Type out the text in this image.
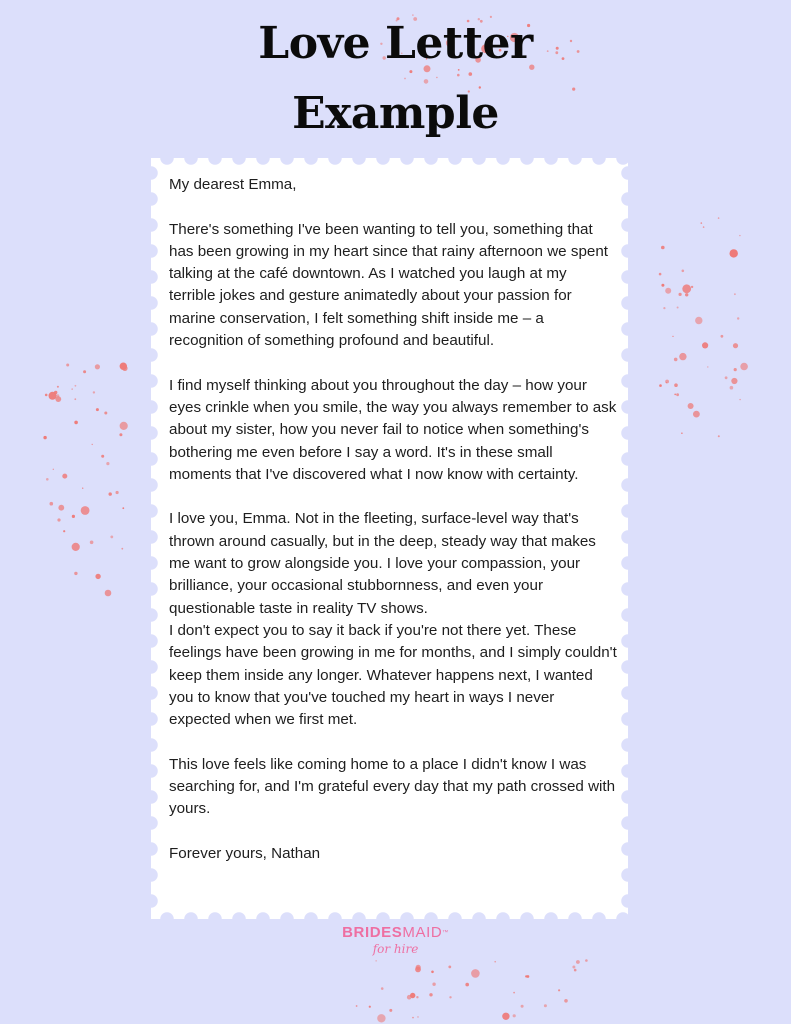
Love Letter
Example

My dearest Emma,

There's something I've been wanting to tell you, something that has been growing in my heart since that rainy afternoon we spent talking at the café downtown. As I watched you laugh at my terrible jokes and gesture animatedly about your passion for marine conservation, I felt something shift inside me – a recognition of something profound and beautiful.

I find myself thinking about you throughout the day – how your eyes crinkle when you smile, the way you always remember to ask about my sister, how you never fail to notice when something's bothering me even before I say a word. It's in these small moments that I've discovered what I now know with certainty.

I love you, Emma. Not in the fleeting, surface-level way that's thrown around casually, but in the deep, steady way that makes me want to grow alongside you. I love your compassion, your brilliance, your occasional stubbornness, and even your questionable taste in reality TV shows.

I don't expect you to say it back if you're not there yet. These feelings have been growing in me for months, and I simply couldn't keep them inside any longer. Whatever happens next, I wanted you to know that you've touched my heart in ways I never expected when we first met.

This love feels like coming home to a place I didn't know I was searching for, and I'm grateful every day that my path crossed with yours.

Forever yours, Nathan

BRIDESMAID™
for hire
